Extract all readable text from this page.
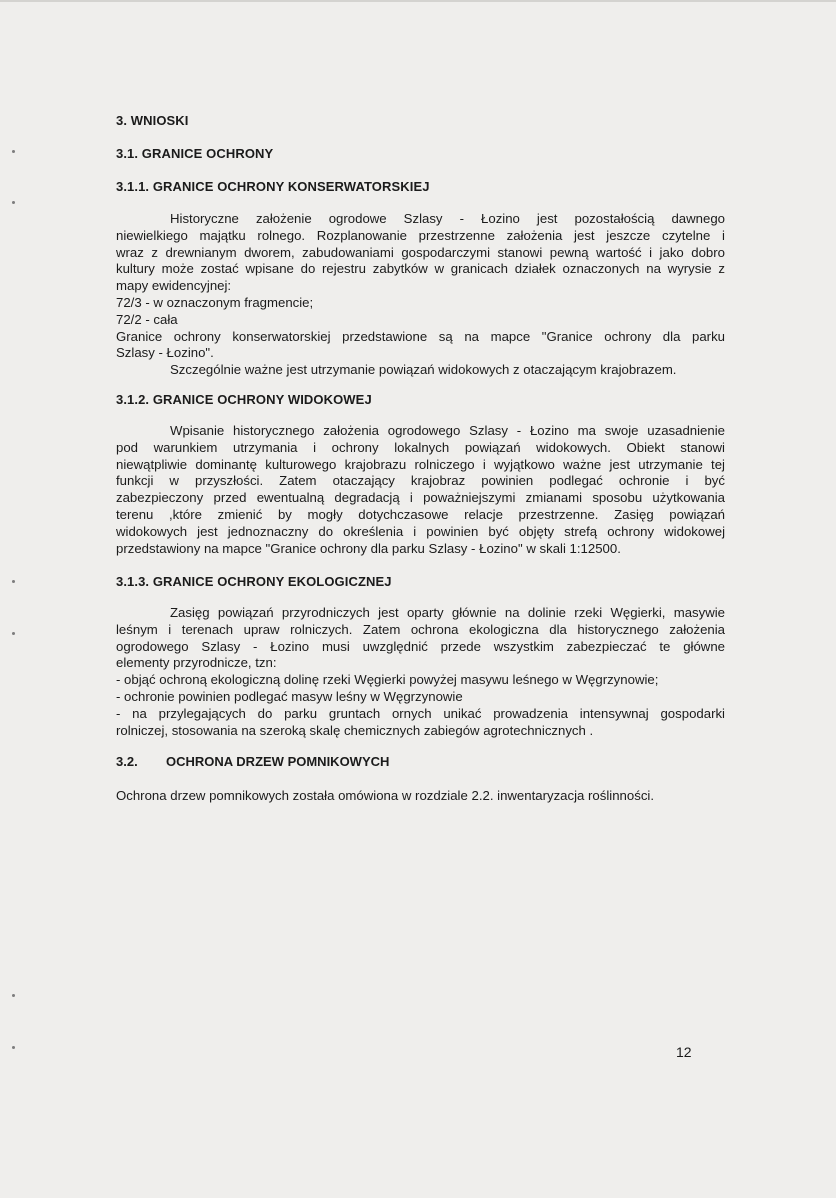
3. WNIOSKI
3.1. GRANICE OCHRONY
3.1.1. GRANICE OCHRONY KONSERWATORSKIEJ
Historyczne założenie ogrodowe Szlasy - Łozino jest pozostałością dawnego
niewielkiego majątku rolnego. Rozplanowanie przestrzenne założenia jest jeszcze czytelne i
wraz z drewnianym dworem, zabudowaniami gospodarczymi stanowi pewną wartość i jako dobro
kultury może zostać wpisane do rejestru zabytków w granicach działek oznaczonych na wyrysie z
mapy ewidencyjnej:
72/3 - w oznaczonym fragmencie;
72/2 - cała
Granice ochrony konserwatorskiej przedstawione są na mapce "Granice ochrony dla parku
Szlasy - Łozino".
Szczególnie ważne jest utrzymanie powiązań widokowych z otaczającym krajobrazem.
3.1.2. GRANICE OCHRONY WIDOKOWEJ
Wpisanie historycznego założenia ogrodowego Szlasy - Łozino ma swoje uzasadnienie
pod warunkiem utrzymania i ochrony lokalnych powiązań widokowych. Obiekt stanowi
niewątpliwie dominantę kulturowego krajobrazu rolniczego i wyjątkowo ważne jest utrzymanie tej
funkcji w przyszłości. Zatem otaczający krajobraz powinien podlegać ochronie i być
zabezpieczony przed ewentualną degradacją i poważniejszymi zmianami sposobu użytkowania
terenu ,które zmienić by mogły dotychczasowe relacje przestrzenne. Zasięg powiązań
widokowych jest jednoznaczny do określenia i powinien być objęty strefą ochrony widokowej
przedstawiony na mapce "Granice ochrony dla parku Szlasy - Łozino" w skali 1:12500.
3.1.3. GRANICE OCHRONY EKOLOGICZNEJ
Zasięg powiązań przyrodniczych jest oparty głównie na dolinie rzeki Węgierki, masywie
leśnym i terenach upraw rolniczych. Zatem ochrona ekologiczna dla historycznego założenia
ogrodowego Szlasy - Łozino musi uwzględnić przede wszystkim zabezpieczać te główne
elementy przyrodnicze, tzn:
- objąć ochroną ekologiczną dolinę rzeki Węgierki powyżej masywu leśnego w Węgrzynowie;
- ochronie powinien podlegać masyw leśny w Węgrzynowie
- na przylegających do parku gruntach ornych unikać prowadzenia intensywnaj gospodarki
rolniczej, stosowania na szeroką skalę chemicznych zabiegów agrotechnicznych .
3.2. OCHRONA DRZEW POMNIKOWYCH
Ochrona drzew pomnikowych została omówiona w rozdziale 2.2. inwentaryzacja roślinności.
12
